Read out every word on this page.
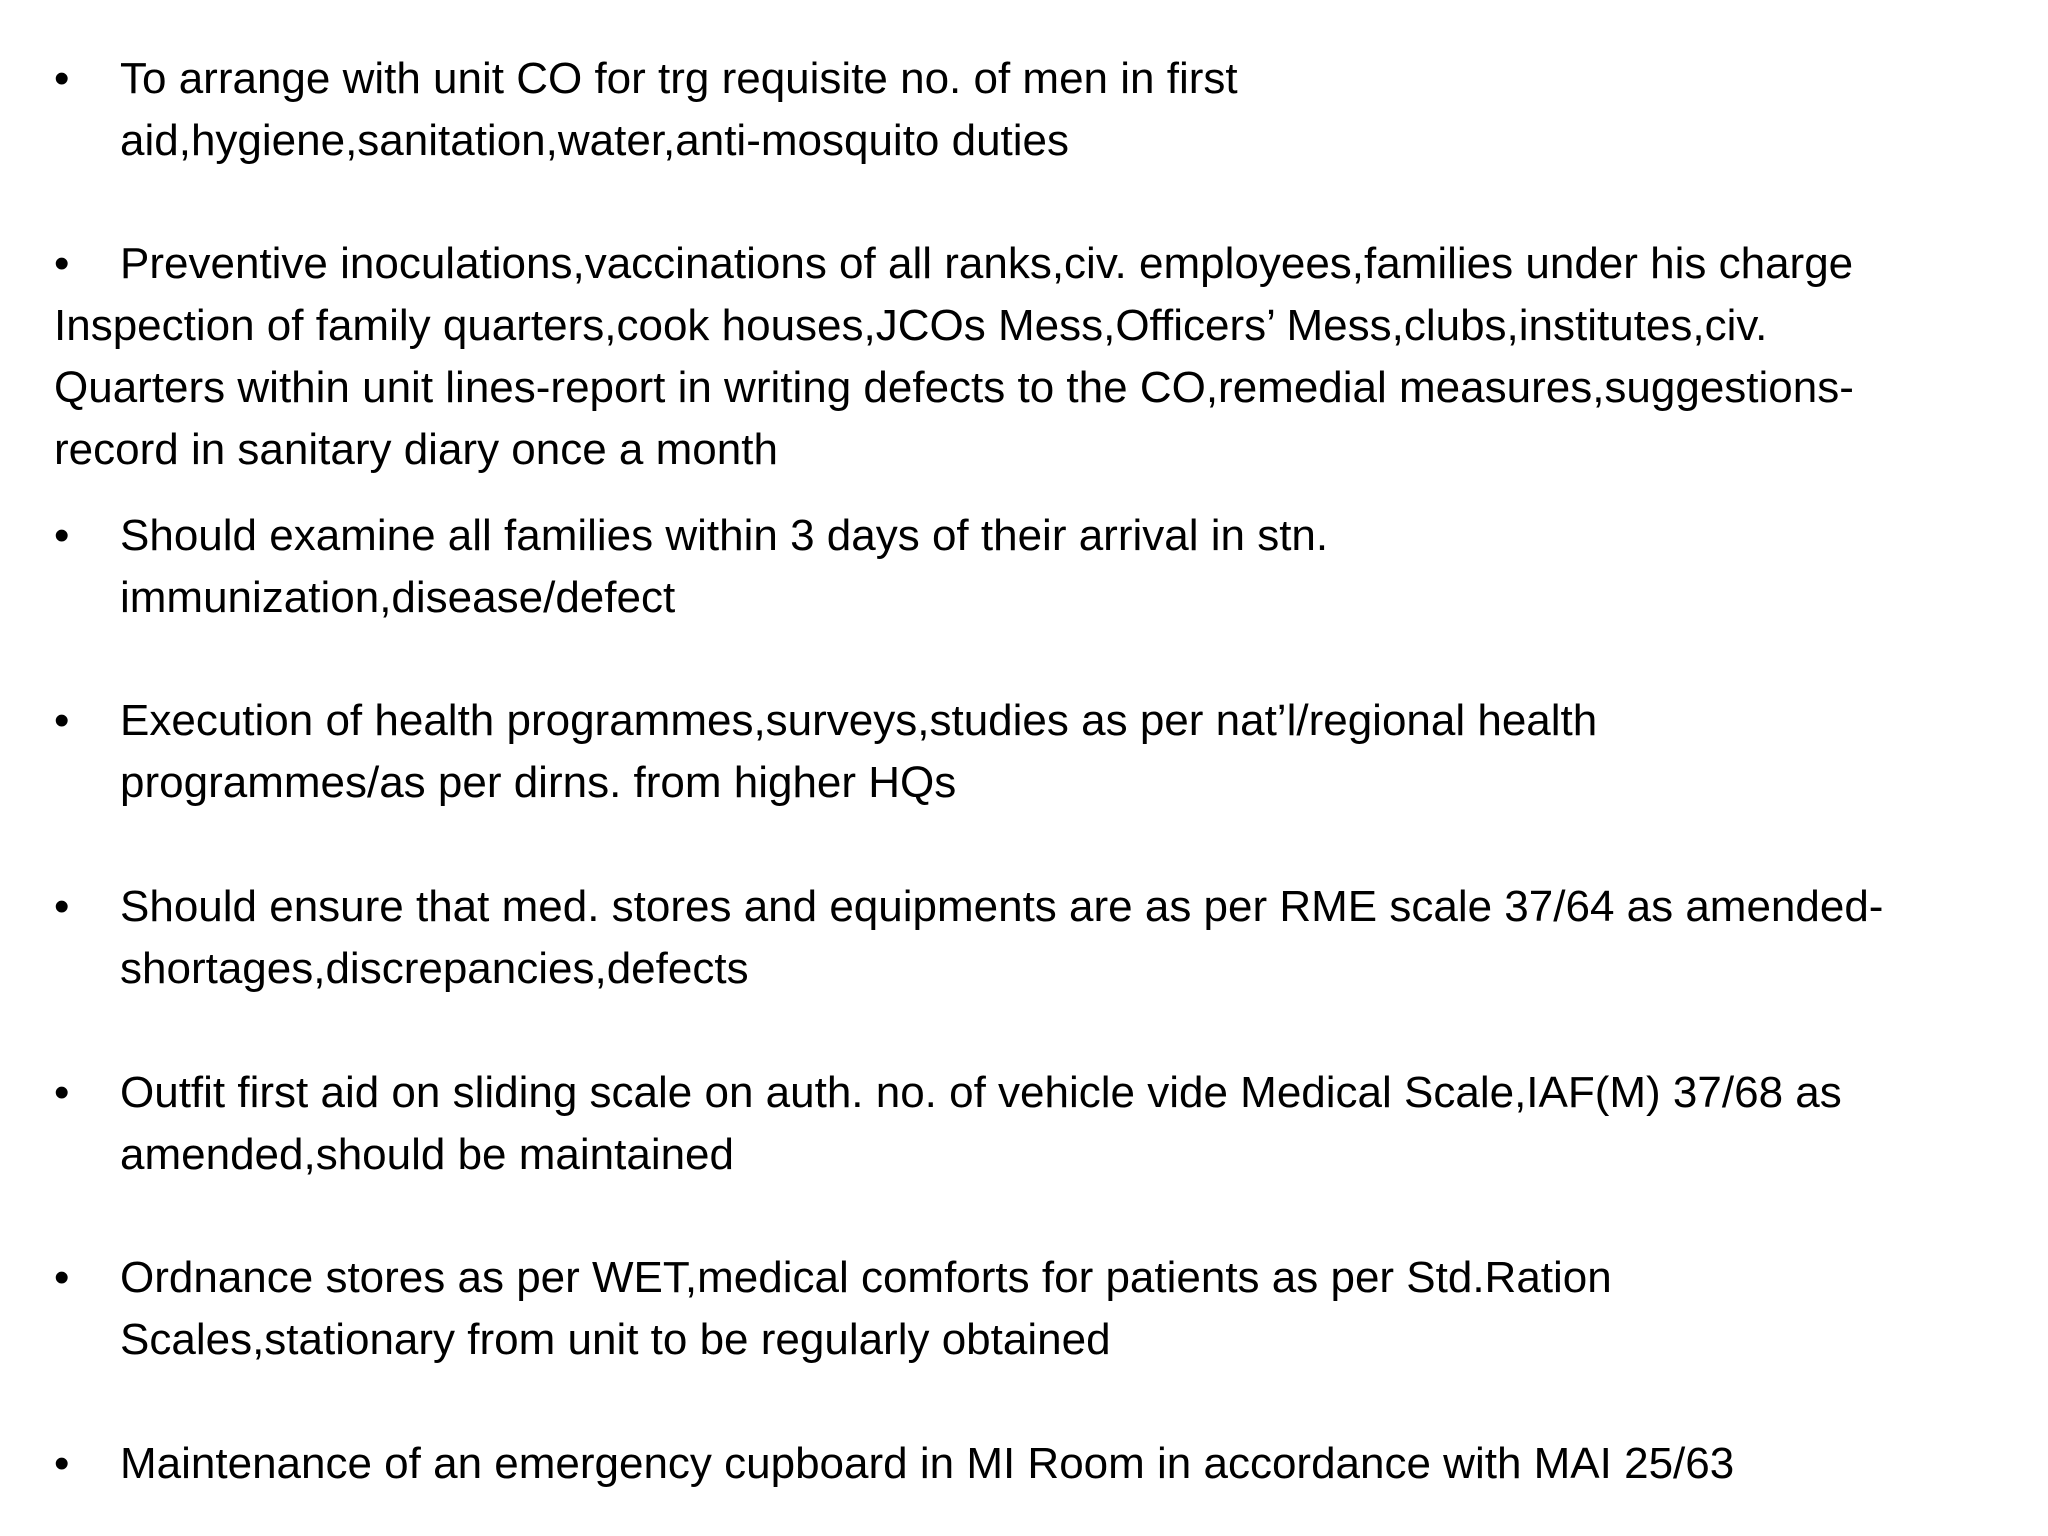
•	To arrange with unit CO for trg requisite no. of men in first
aid,hygiene,sanitation,water,anti-mosquito duties
•	Preventive inoculations,vaccinations of all ranks,civ. employees,families under his charge
Inspection of family quarters,cook houses,JCOs Mess,Officers’ Mess,clubs,institutes,civ.
Quarters within unit lines-report in writing defects to the CO,remedial measures,suggestions-
record in sanitary diary once a month
•	Should examine all families within 3 days of their arrival in stn.
immunization,disease/defect
•	Execution of health programmes,surveys,studies as per nat’l/regional health
programmes/as per dirns. from higher HQs
•	Should ensure that med. stores and equipments are as per RME scale 37/64 as amended-
shortages,discrepancies,defects
•	Outfit first aid on sliding scale on auth. no. of vehicle vide Medical Scale,IAF(M) 37/68 as
amended,should be maintained
•	Ordnance stores as per WET,medical comforts for patients as per Std.Ration
Scales,stationary from unit to be regularly obtained
•	Maintenance of an emergency cupboard in MI Room in accordance with MAI 25/63
